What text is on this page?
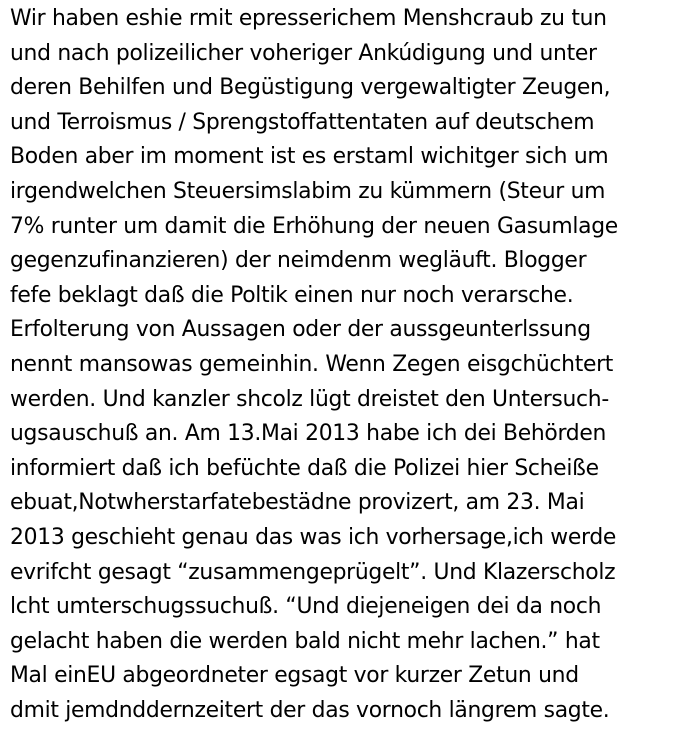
Wir haben eshie rmit epresserichem Menshcraub zu tun
und nach polizeilicher voheriger Ankúdigung und unter
deren Behilfen und Begüstigung vergewaltigter Zeugen,
und Terroismus / Sprengstoffattentaten auf deutschem
Boden aber im moment ist es erstaml wichitger sich um
irgendwelchen Steuersimslabim zu kümmern (Steur um
7% runter um damit die Erhöhung der neuen Gasumlage
gegenzufinanzieren) der neimdenm wegläuft. Blogger
fefe beklagt daß die Poltik einen nur noch verarsche.
Erfolterung von Aussagen oder der aussgeunterlssung
nennt mansowas gemeinhin. Wenn Zegen eisgchüchtert
werden. Und kanzler shcolz lügt dreistet den Untersuch-
ugsauschuß an. Am 13.Mai 2013 habe ich dei Behörden
informiert daß ich befüchte daß die Polizei hier Scheiße
ebuat,Notwherstarfatebestädne provizert, am 23. Mai
2013 geschieht genau das was ich vorhersage,ich werde
evrifcht gesagt “zusammengeprügelt”. Und Klazerscholz
lcht umterschugssuchuß. “Und diejeneigen dei da noch
gelacht haben die werden bald nicht mehr lachen.” hat
Mal einEU abgeordneter egsagt vor kurzer Zetun und
dmit jemdnddernzeitert der das vornoch längrem sagte.
